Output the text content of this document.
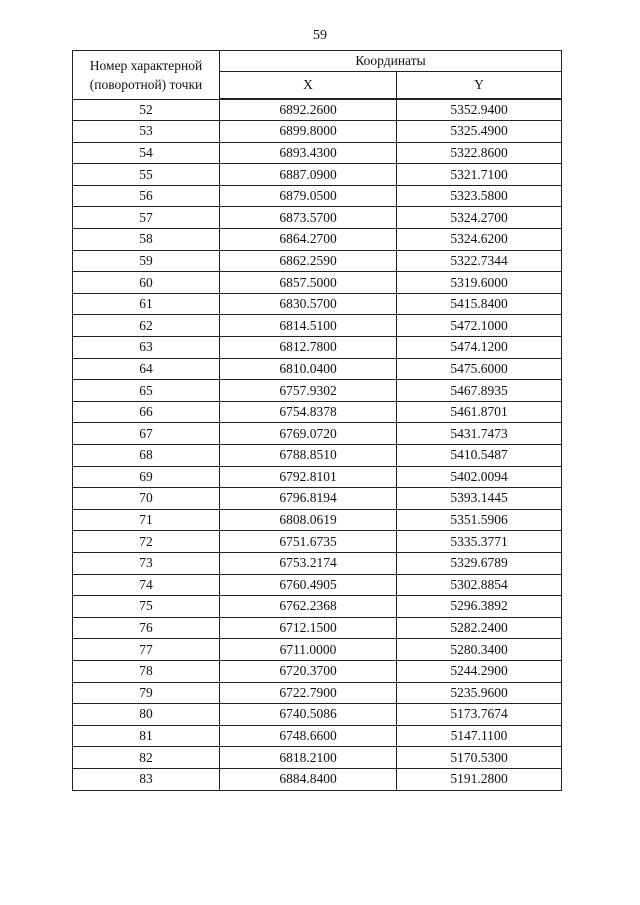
59
Номер характерной (поворотной) точки	Координаты	
	X	Y
52	6892.2600	5352.9400
53	6899.8000	5325.4900
54	6893.4300	5322.8600
55	6887.0900	5321.7100
56	6879.0500	5323.5800
57	6873.5700	5324.2700
58	6864.2700	5324.6200
59	6862.2590	5322.7344
60	6857.5000	5319.6000
61	6830.5700	5415.8400
62	6814.5100	5472.1000
63	6812.7800	5474.1200
64	6810.0400	5475.6000
65	6757.9302	5467.8935
66	6754.8378	5461.8701
67	6769.0720	5431.7473
68	6788.8510	5410.5487
69	6792.8101	5402.0094
70	6796.8194	5393.1445
71	6808.0619	5351.5906
72	6751.6735	5335.3771
73	6753.2174	5329.6789
74	6760.4905	5302.8854
75	6762.2368	5296.3892
76	6712.1500	5282.2400
77	6711.0000	5280.3400
78	6720.3700	5244.2900
79	6722.7900	5235.9600
80	6740.5086	5173.7674
81	6748.6600	5147.1100
82	6818.2100	5170.5300
83	6884.8400	5191.2800
